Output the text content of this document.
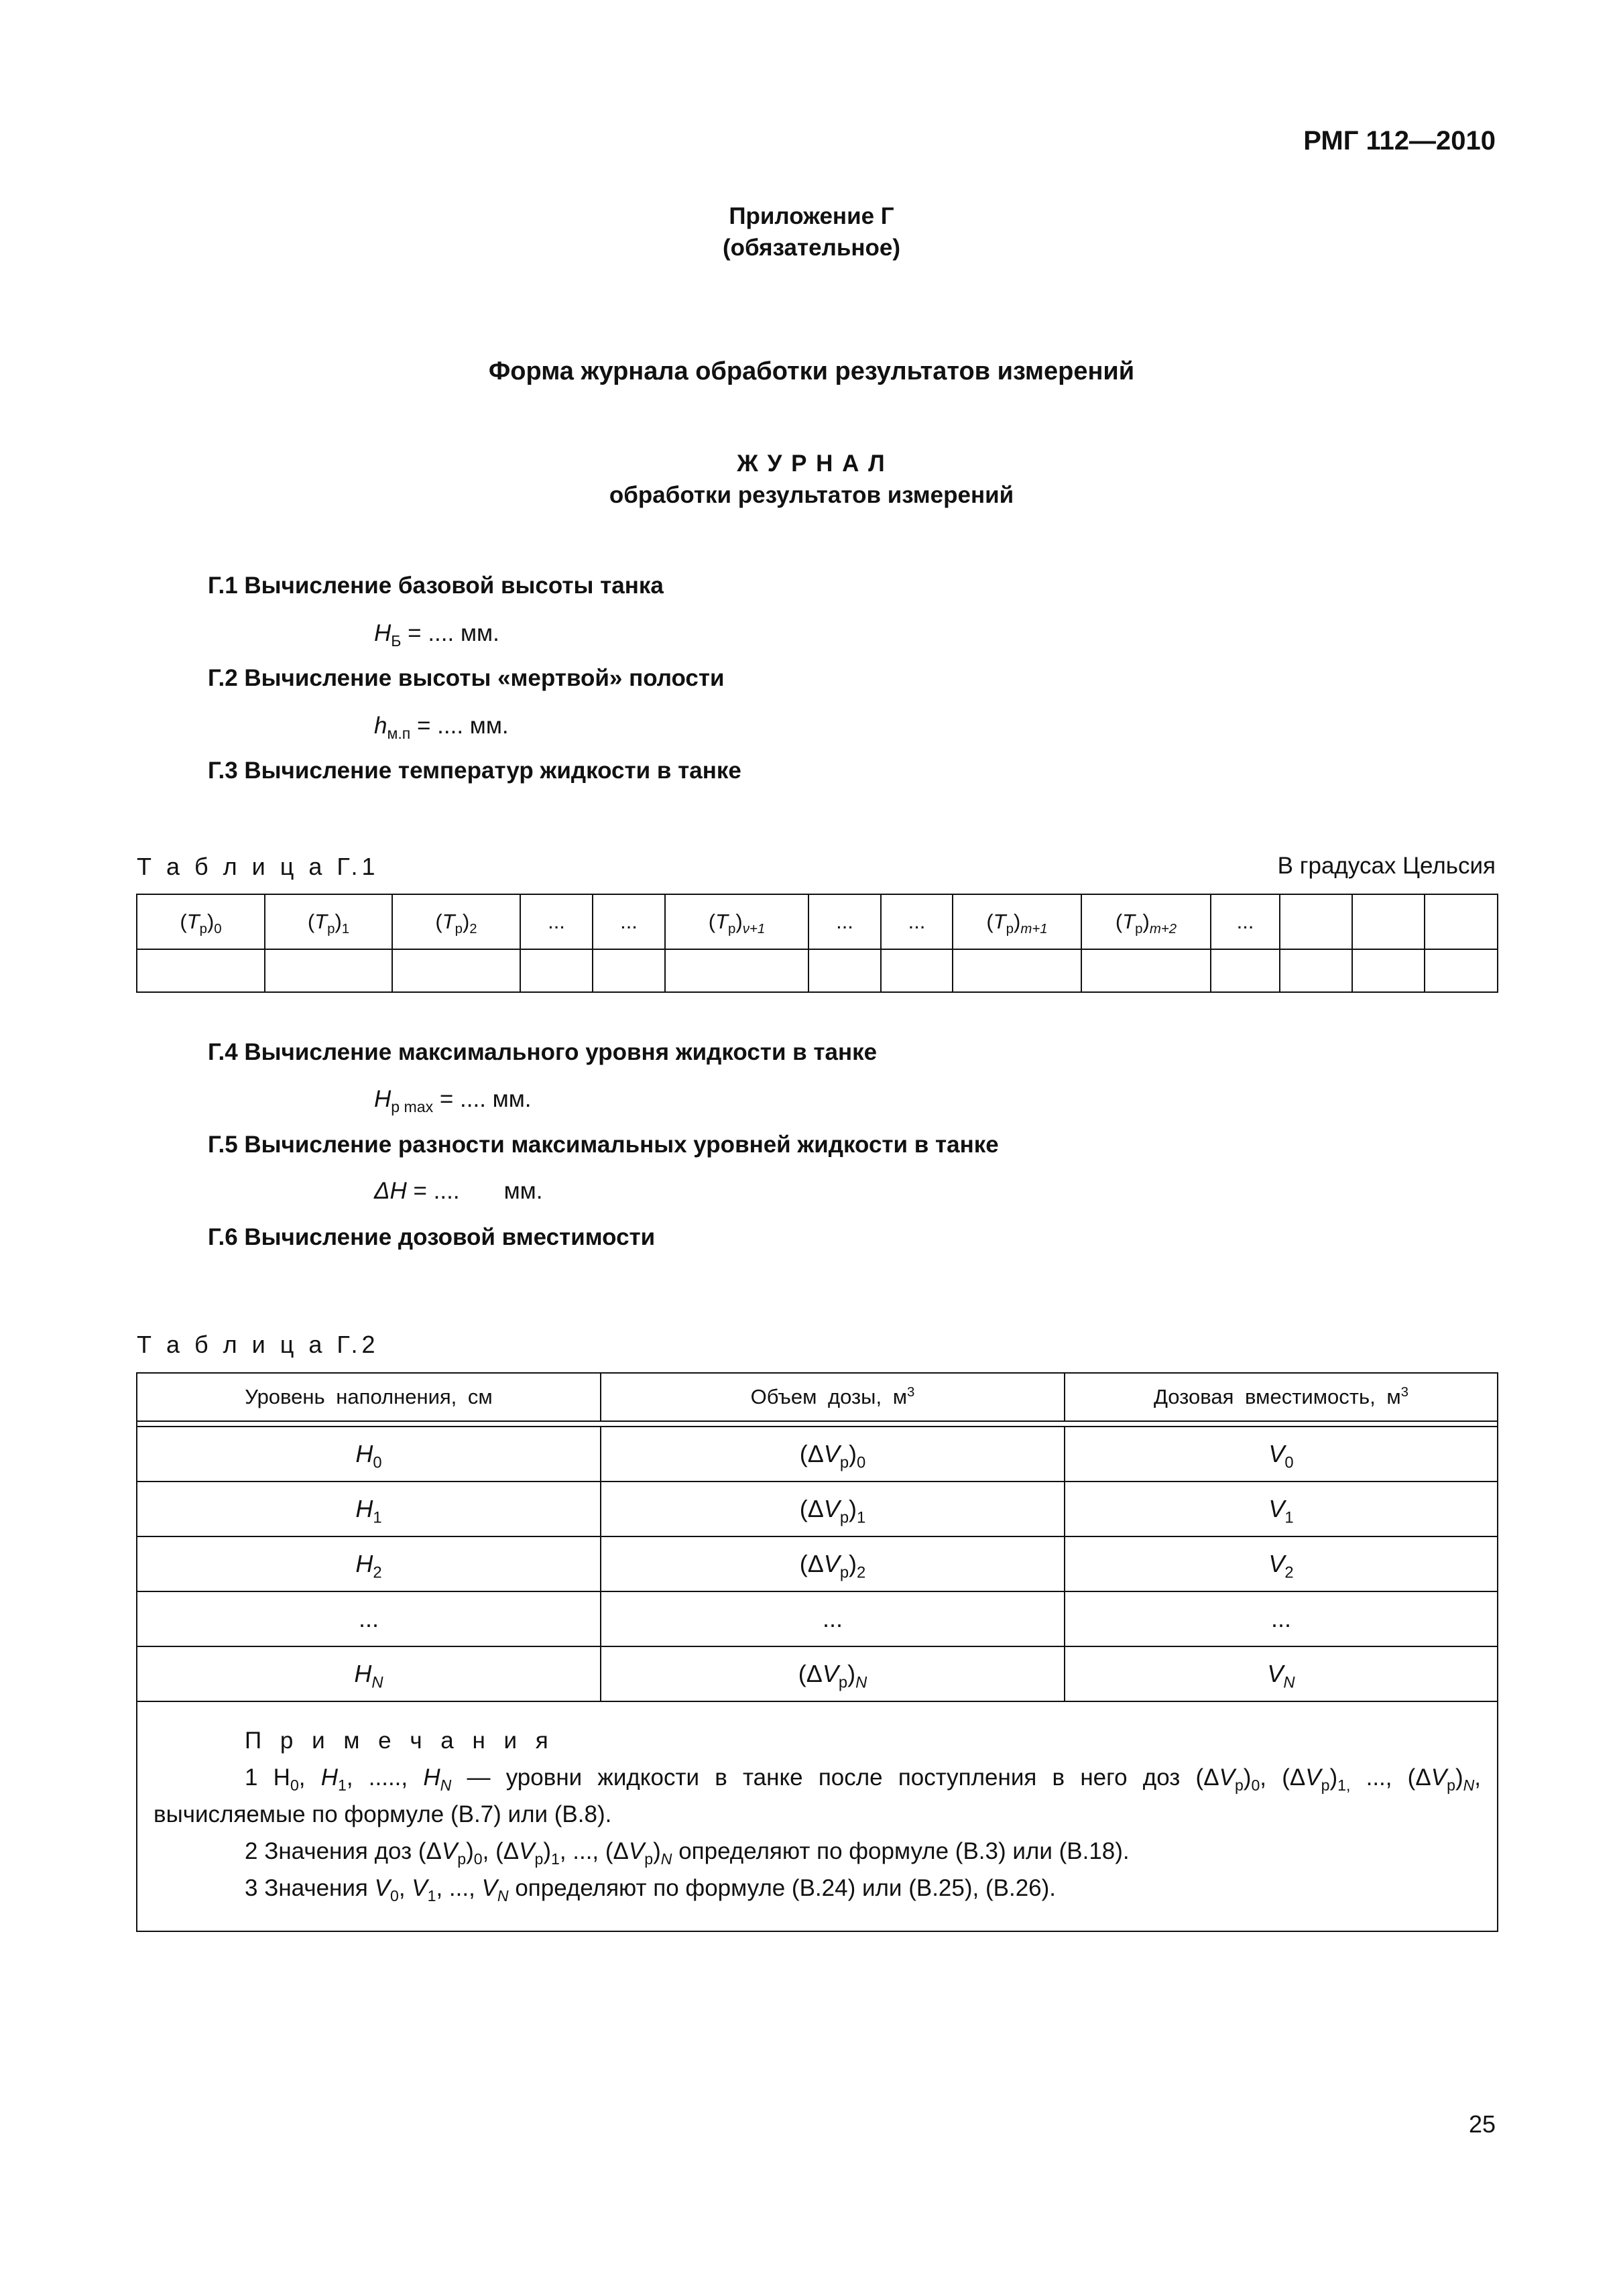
РМГ 112—2010
Приложение Г
(обязательное)
Форма журнала обработки результатов измерений
Ж У Р Н А Л
обработки результатов измерений
Г.1 Вычисление базовой высоты танка
$H_Б$ = .... мм.
Г.2 Вычисление высоты «мертвой» полости
$h_{м.п}$ = .... мм.
Г.3 Вычисление температур жидкости в танке
Т а б л и ц а Г.1	В градусах Цельсия
$(T_р)_0$	$(T_р)_1$	$(T_р)_2$	...	...	$(T_р)_{\nu+1}$	...	...	$(T_р)_{m+1}$	$(T_р)_{m+2}$	...			

Г.4 Вычисление максимального уровня жидкости в танке
$H_{р max}$ = .... мм.
Г.5 Вычисление разности максимальных уровней жидкости в танке
ΔH = .... мм.
Г.6 Вычисление дозовой вместимости
Т а б л и ц а Г.2
Уровень наполнения, см	Объем дозы, $м^3$	Дозовая вместимость, $м^3$

$H_0$	$(\Delta V_р)_0$	$V_0$
$H_1$	$(\Delta V_р)_1$	$V_1$
$H_2$	$(\Delta V_р)_2$	$V_2$
...	...	...
$H_N$	$(\Delta V_р)_N$	$V_N$

П р и м е ч а н и я
1 $H_0$, $H_1$, ....., $H_N$ — уровни жидкости в танке после поступления в него доз $(\Delta V_р)_0$, $(\Delta V_р)_{1,}$ ..., $(\Delta V_р)_N$,
вычисляемые по формуле (В.7) или (В.8).
2 Значения доз $(\Delta V_р)_0$, $(\Delta V_р)_1$, ..., $(\Delta V_р)_N$ определяют по формуле (В.3) или (В.18).
3 Значения $V_0$, $V_1$, ..., $V_N$ определяют по формуле (В.24) или (В.25), (В.26).		
25
